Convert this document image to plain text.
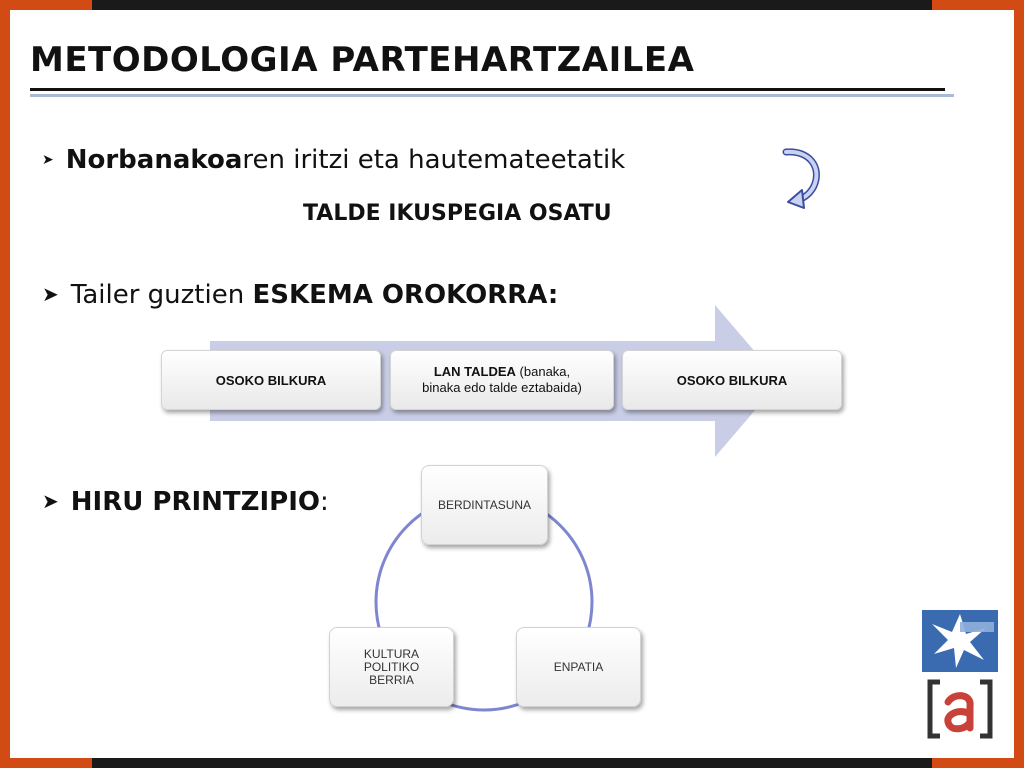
METODOLOGIA PARTEHARTZAILEA
➤ Norbanakoaren iritzi eta hautemateetatik
TALDE IKUSPEGIA OSATU
➤ Tailer guztien ESKEMA OROKORRA:
OSOKO BILKURA
LAN TALDEA (banaka,
binaka edo talde eztabaida)	OSOKO BILKURA
➤ HIRU PRINTZIPIO:	BERDINTASUNA
ENPATIA
KULTURA
POLITIKO
BERRIA
